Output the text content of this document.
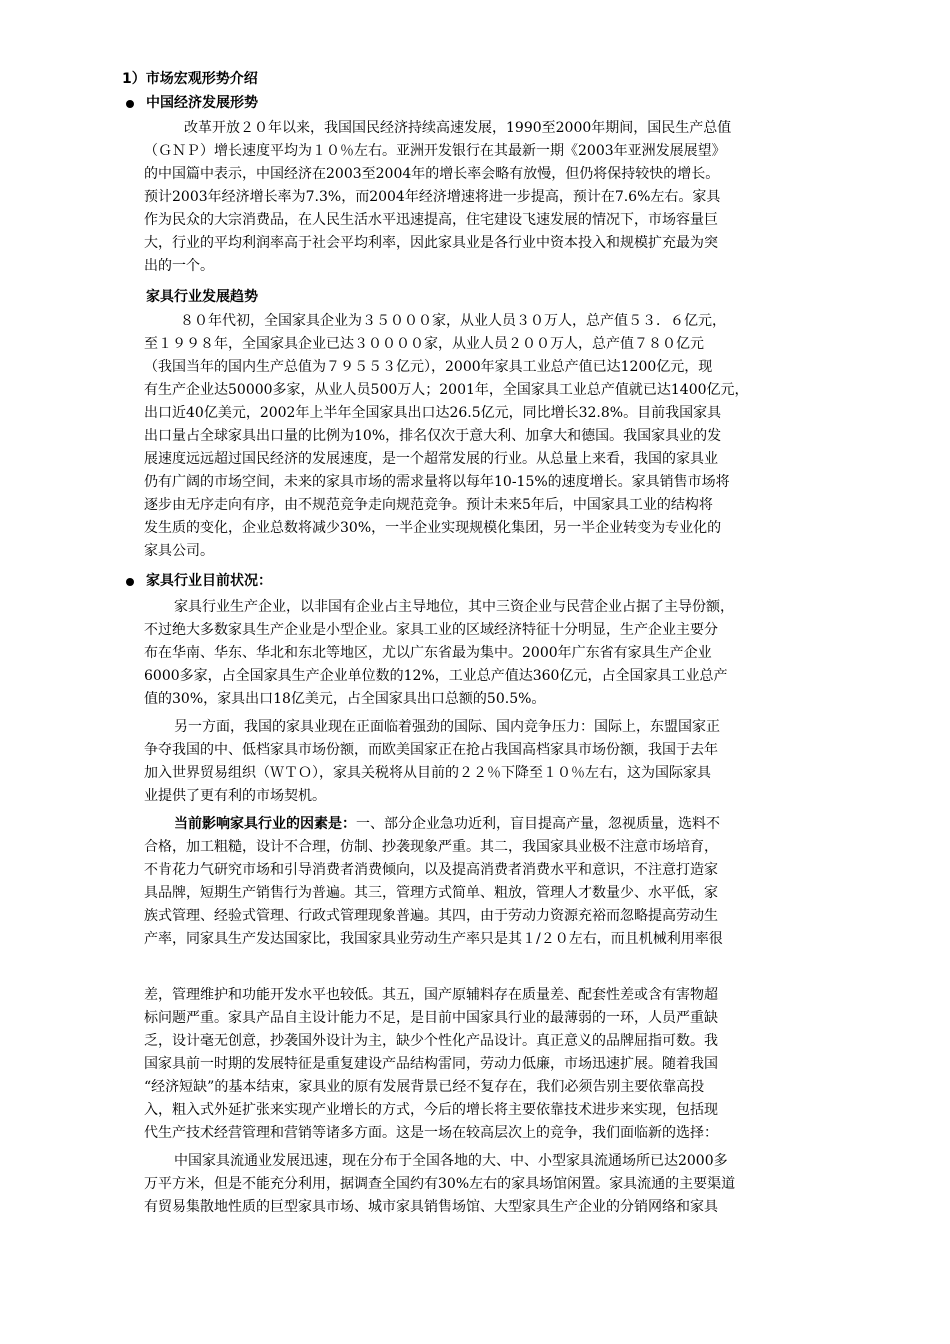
1）市场宏观形势介绍
中国经济发展形势
改革开放２０年以来，我国国民经济持续高速发展，1990至2000年期间，国民生产总值
（ＧＮＰ）增长速度平均为１０％左右。亚洲开发银行在其最新一期《2003年亚洲发展展望》
的中国篇中表示，中国经济在2003至2004年的增长率会略有放慢，但仍将保持较快的增长。
预计2003年经济增长率为7.3%，而2004年经济增速将进一步提高，预计在7.6%左右。家具
作为民众的大宗消费品，在人民生活水平迅速提高，住宅建设飞速发展的情况下，市场容量巨
大，行业的平均利润率高于社会平均利率，因此家具业是各行业中资本投入和规模扩充最为突
出的一个。
家具行业发展趋势
８０年代初，全国家具企业为３５０００家，从业人员３０万人，总产值５３．６亿元，
至１９９８年，全国家具企业已达３００００家，从业人员２００万人，总产值７８０亿元
（我国当年的国内生产总值为７９５５３亿元），2000年家具工业总产值已达1200亿元，现
有生产企业达50000多家，从业人员500万人；2001年，全国家具工业总产值就已达1400亿元，
出口近40亿美元，2002年上半年全国家具出口达26.5亿元，同比增长32.8%。目前我国家具
出口量占全球家具出口量的比例为10%，排名仅次于意大利、加拿大和德国。我国家具业的发
展速度远远超过国民经济的发展速度，是一个超常发展的行业。从总量上来看，我国的家具业
仍有广阔的市场空间，未来的家具市场的需求量将以每年10-15%的速度增长。家具销售市场将
逐步由无序走向有序，由不规范竞争走向规范竞争。预计未来5年后，中国家具工业的结构将
发生质的变化，企业总数将减少30%，一半企业实现规模化集团，另一半企业转变为专业化的
家具公司。
家具行业目前状况：
家具行业生产企业，以非国有企业占主导地位，其中三资企业与民营企业占据了主导份额，
不过绝大多数家具生产企业是小型企业。家具工业的区域经济特征十分明显，生产企业主要分
布在华南、华东、华北和东北等地区，尤以广东省最为集中。2000年广东省有家具生产企业
6000多家，占全国家具生产企业单位数的12%，工业总产值达360亿元，占全国家具工业总产
值的30%，家具出口18亿美元，占全国家具出口总额的50.5%。
另一方面，我国的家具业现在正面临着强劲的国际、国内竞争压力：国际上，东盟国家正
争夺我国的中、低档家具市场份额，而欧美国家正在抢占我国高档家具市场份额，我国于去年
加入世界贸易组织（ＷＴＯ），家具关税将从目前的２２％下降至１０％左右，这为国际家具
业提供了更有利的市场契机。
当前影响家具行业的因素是：一、部分企业急功近利，盲目提高产量，忽视质量，选料不
合格，加工粗糙，设计不合理，仿制、抄袭现象严重。其二，我国家具业极不注意市场培育，
不肯花力气研究市场和引导消费者消费倾向，以及提高消费者消费水平和意识，不注意打造家
具品牌，短期生产销售行为普遍。其三，管理方式简单、粗放，管理人才数量少、水平低，家
族式管理、经验式管理、行政式管理现象普遍。其四，由于劳动力资源充裕而忽略提高劳动生
产率，同家具生产发达国家比，我国家具业劳动生产率只是其１/２０左右，而且机械利用率很
差，管理维护和功能开发水平也较低。其五，国产原辅料存在质量差、配套性差或含有害物超
标问题严重。家具产品自主设计能力不足，是目前中国家具行业的最薄弱的一环，人员严重缺
乏，设计毫无创意，抄袭国外设计为主，缺少个性化产品设计。真正意义的品牌屈指可数。我
国家具前一时期的发展特征是重复建设产品结构雷同，劳动力低廉，市场迅速扩展。随着我国
“经济短缺”的基本结束，家具业的原有发展背景已经不复存在，我们必须告别主要依靠高投
入，粗入式外延扩张来实现产业增长的方式，今后的增长将主要依靠技术进步来实现，包括现
代生产技术经营管理和营销等诸多方面。这是一场在较高层次上的竞争，我们面临新的选择：
中国家具流通业发展迅速，现在分布于全国各地的大、中、小型家具流通场所已达2000多
万平方米，但是不能充分利用，据调查全国约有30%左右的家具场馆闲置。家具流通的主要渠道
有贸易集散地性质的巨型家具市场、城市家具销售场馆、大型家具生产企业的分销网络和家具
